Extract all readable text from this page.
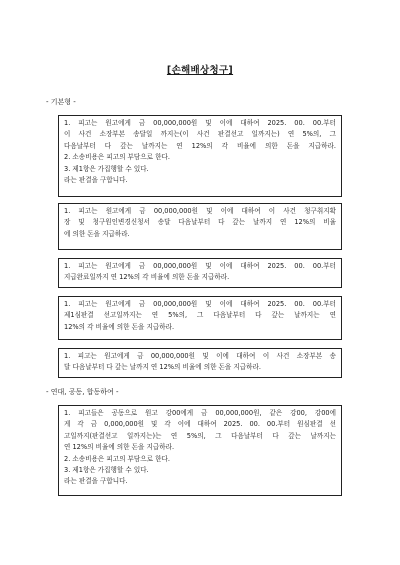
[손해배상청구]
- 기본형 -
1. 피고는 원고에게 금 00,000,000원 및 이에 대하여 2025. 00. 00.부터
이 사건 소장부본 송달일 까지는(이 사건 판결선고 일까지는) 연 5%의, 그
다음날부터 다 갚는 날까지는 연 12%의 각 비율에 의한 돈을 지급하라.
2. 소송비용은 피고의 부담으로 한다.
3. 제1항은 가집행할 수 있다.
라는 판결을 구합니다.
1. 피고는 원고에게 금 00,000,000원 및 이에 대하여 이 사건 청구취지확
장 및 청구원인변경신청서 송달 다음날부터 다 갚는 날까지 연 12%의 비율
에 의한 돈을 지급하라.
1. 피고는 원고에게 금 00,000,000원 및 이에 대하여 2025. 00. 00.부터
지급완료일까지 연 12%의 각 비율에 의한 돈을 지급하라.
1. 피고는 원고에게 금 00,000,000원 및 이에 대하여 2025. 00. 00.부터
제1심판결 선고일까지는 연 5%의, 그 다음날부터 다 갚는 날까지는 연
12%의 각 비율에 의한 돈을 지급하라.
1. 피고는 원고에게 금 00,000,000원 및 이에 대하여 이 사건 소장부본 송
달 다음날부터 다 갚는 날까지 연 12%의 비율에 의한 돈을 지급하라.
- 연대, 공동, 합동하여 -
1. 피고들은 공동으로 원고 강00에게 금 00,000,000원, 같은 강00, 강00에
게 각 금 0,000,000원 및 각 이에 대하여 2025. 00. 00.부터 원심판결 선
고일까지(판결선고 일까지는)는 연 5%의, 그 다음날부터 다 갚는 날까지는
연 12%의 비율에 의한 돈을 지급하라.
2. 소송비용은 피고의 부담으로 한다.
3. 제1항은 가집행할 수 있다.
라는 판결을 구합니다.
